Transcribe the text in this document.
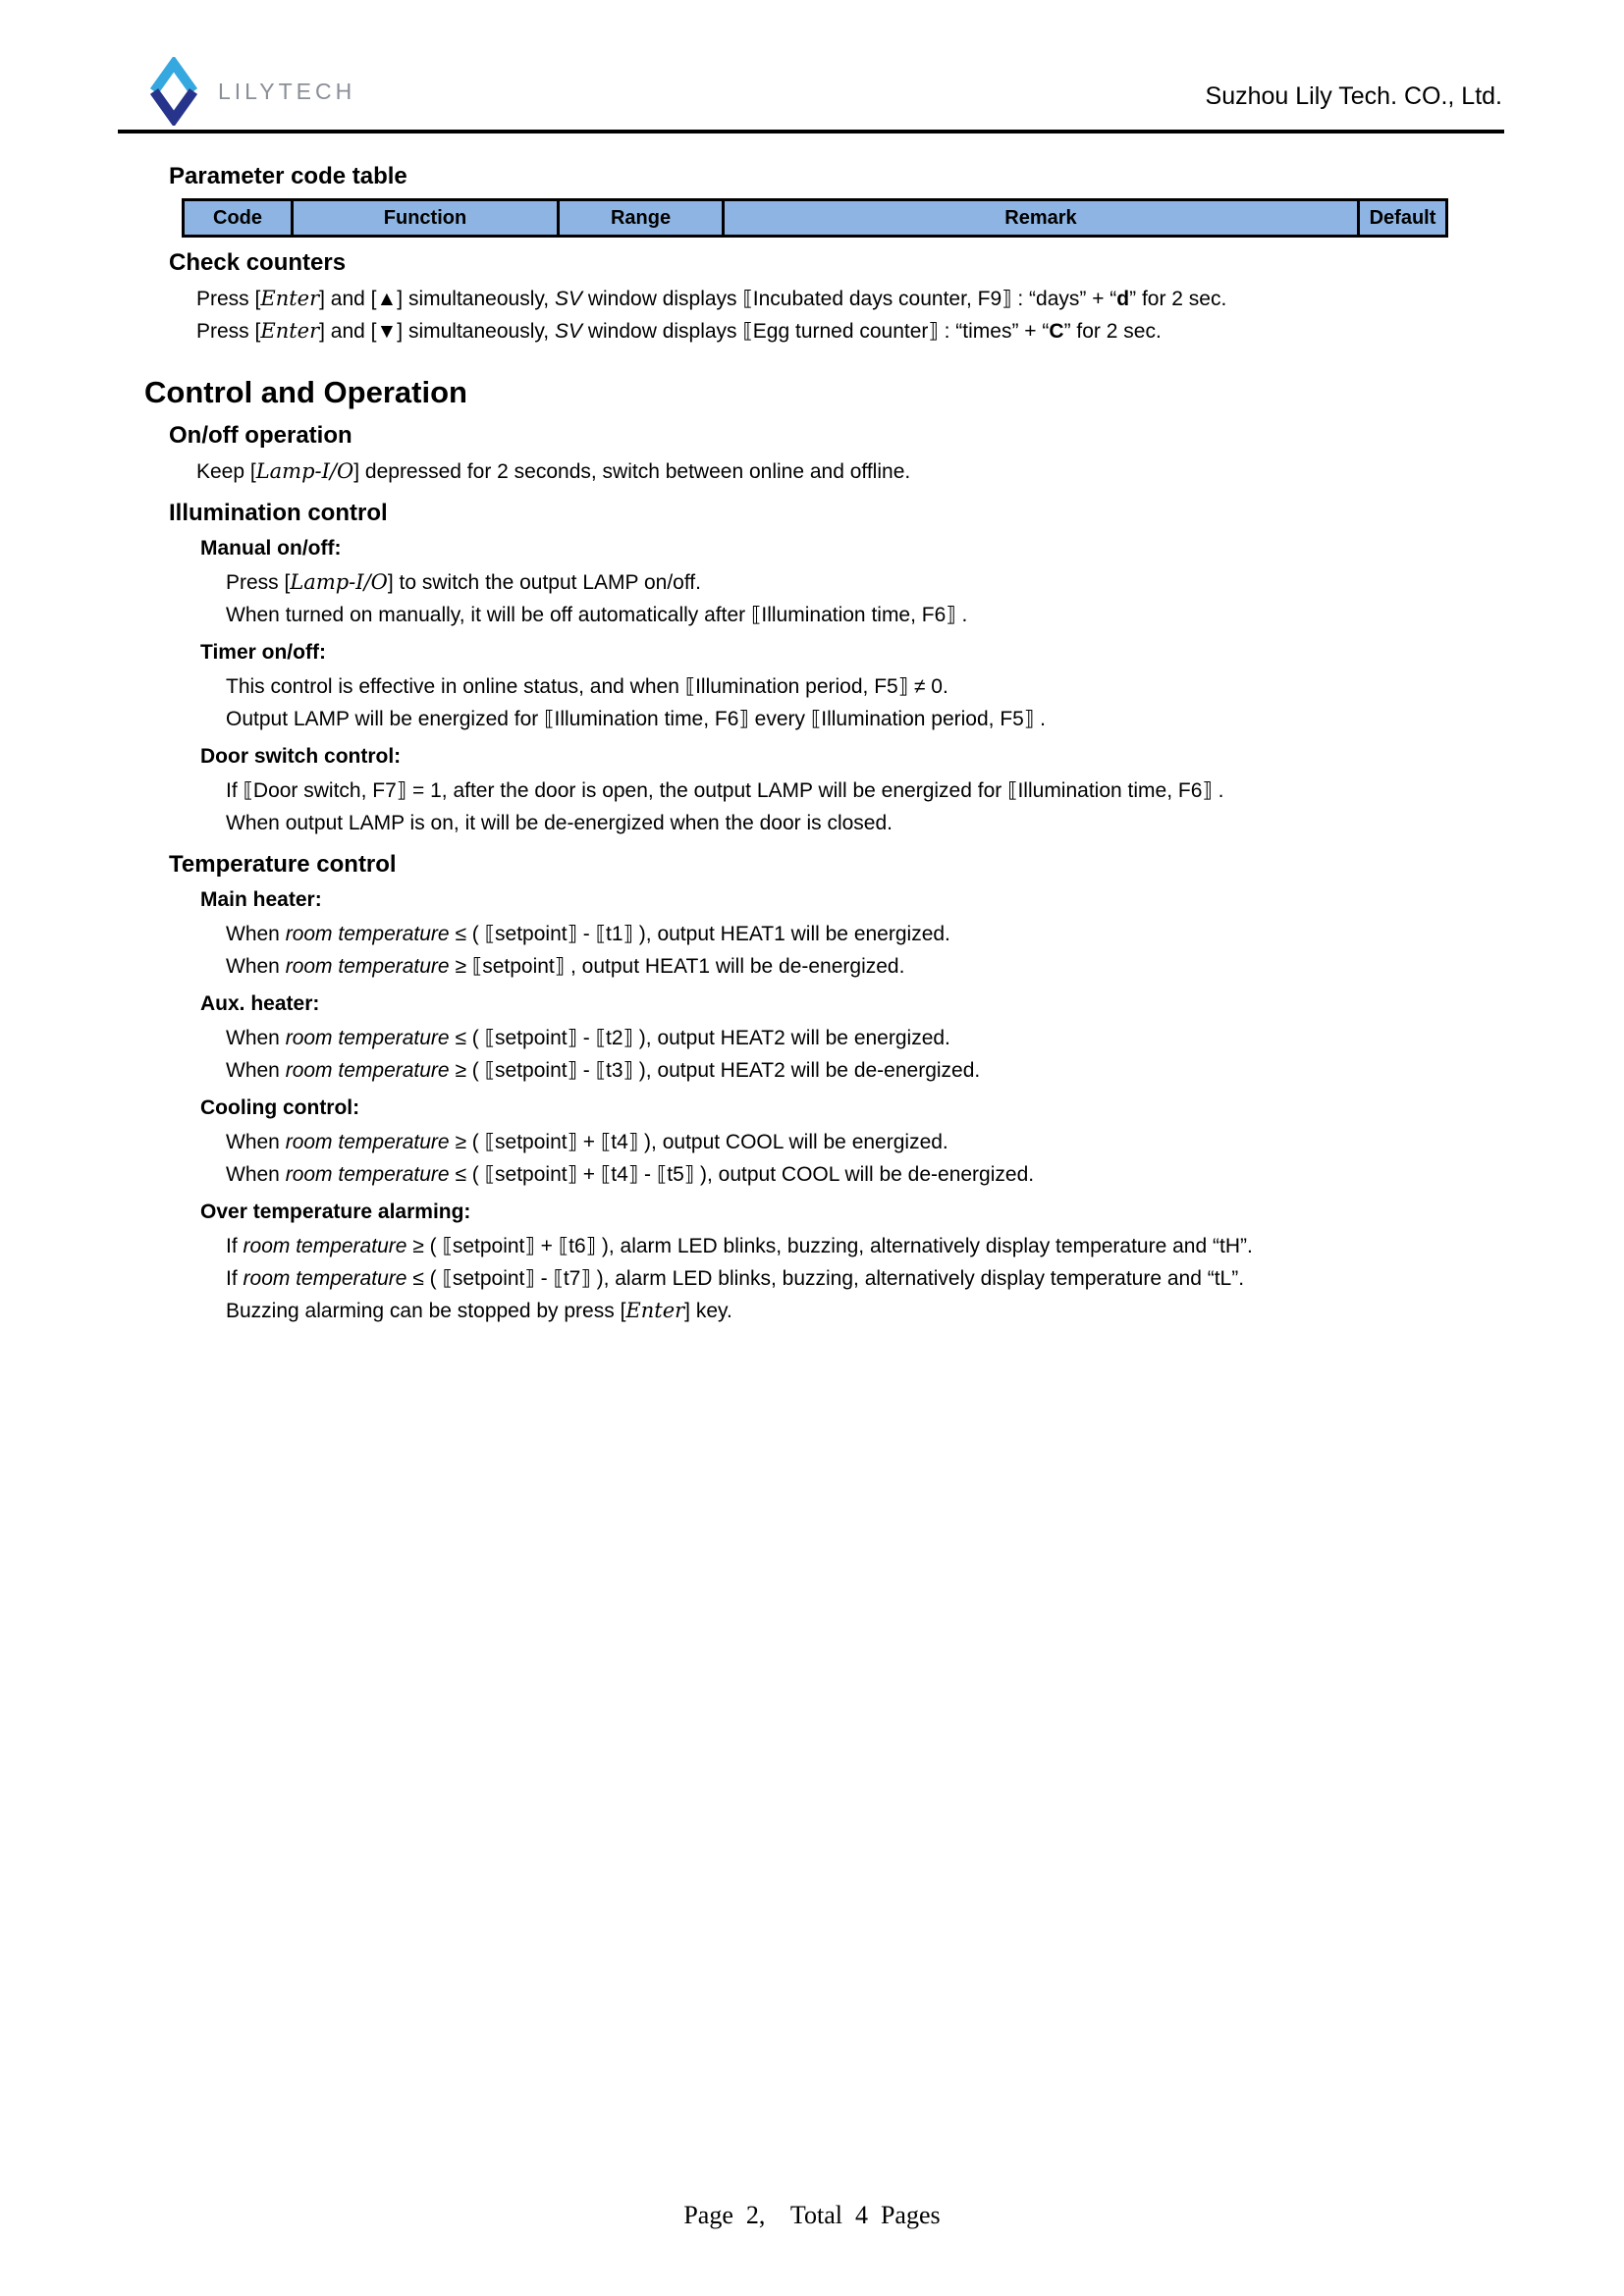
LILYTECH	Suzhou Lily Tech. CO., Ltd.
Parameter code table
Code	Function	Range	Remark	Default
Check counters
Press [Enter] and [▲] simultaneously, SV window displays ⟦Incubated days counter, F9⟧ : “days” + “d” for 2 sec.
Press [Enter] and [▼] simultaneously, SV window displays ⟦Egg turned counter⟧ : “times” + “C” for 2 sec.
Control and Operation
On/off operation
Keep [Lamp-I/O] depressed for 2 seconds, switch between online and offline.
Illumination control
Manual on/off:
Press [Lamp-I/O] to switch the output LAMP on/off.
When turned on manually, it will be off automatically after ⟦Illumination time, F6⟧ .
Timer on/off:
This control is effective in online status, and when ⟦Illumination period, F5⟧ ≠ 0.
Output LAMP will be energized for ⟦Illumination time, F6⟧ every ⟦Illumination period, F5⟧ .
Door switch control:
If ⟦Door switch, F7⟧ = 1, after the door is open, the output LAMP will be energized for ⟦Illumination time, F6⟧ .
When output LAMP is on, it will be de-energized when the door is closed.
Temperature control
Main heater:
When room temperature ≤ ( ⟦setpoint⟧ - ⟦t1⟧ ), output HEAT1 will be energized.
When room temperature ≥ ⟦setpoint⟧ , output HEAT1 will be de-energized.
Aux. heater:
When room temperature ≤ ( ⟦setpoint⟧ - ⟦t2⟧ ), output HEAT2 will be energized.
When room temperature ≥ ( ⟦setpoint⟧ - ⟦t3⟧ ), output HEAT2 will be de-energized.
Cooling control:
When room temperature ≥ ( ⟦setpoint⟧ + ⟦t4⟧ ), output COOL will be energized.
When room temperature ≤ ( ⟦setpoint⟧ + ⟦t4⟧ - ⟦t5⟧ ), output COOL will be de-energized.
Over temperature alarming:
If room temperature ≥ ( ⟦setpoint⟧ + ⟦t6⟧ ), alarm LED blinks, buzzing, alternatively display temperature and “tH”.
If room temperature ≤ ( ⟦setpoint⟧ - ⟦t7⟧ ), alarm LED blinks, buzzing, alternatively display temperature and “tL”.
Buzzing alarming can be stopped by press [Enter] key.
Page  2,    Total  4  Pages
